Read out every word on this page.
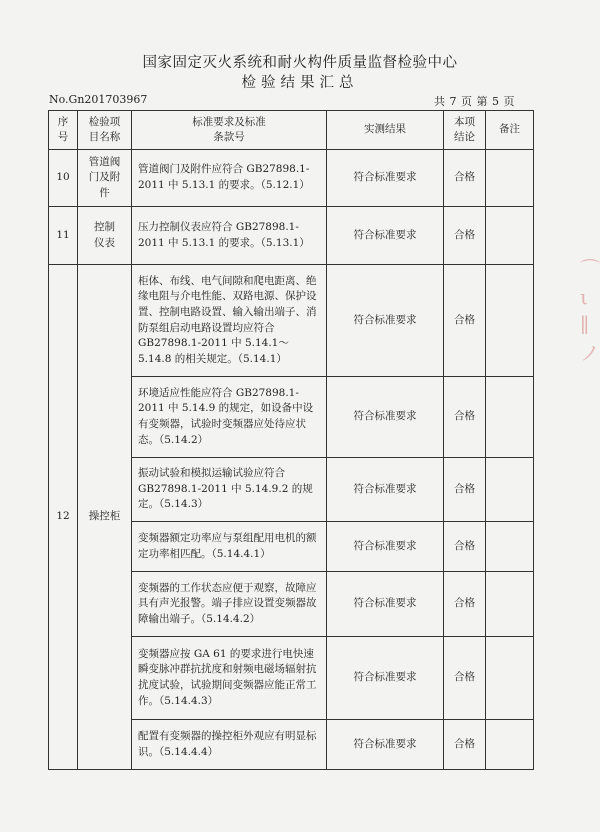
国家固定灭火系统和耐火构件质量监督检验中心
检验结果汇总
No.Gn201703967	共 7 页 第 5 页
⌒
ι
∥
ノ
序号	检验项目名称	标准要求及标准条款号	实测结果	本项结论	备注
10	管道阀门及附件	管道阀门及附件应符合 GB27898.1-2011 中 5.13.1 的要求。（5.12.1）	符合标准要求	合格	
11	控制仪表	压力控制仪表应符合 GB27898.1-2011 中 5.13.1 的要求。（5.13.1）	符合标准要求	合格	
12	操控柜	柜体、布线、电气间隙和爬电距离、绝缘电阻与介电性能、双路电源、保护设置、控制电路设置、输入输出端子、消防泵组启动电路设置均应符合 GB27898.1-2011 中 5.14.1～5.14.8 的相关规定。（5.14.1）	符合标准要求	合格	
		环境适应性能应符合 GB27898.1-2011 中 5.14.9 的规定，如设备中设有变频器，试验时变频器应处待应状态。（5.14.2）	符合标准要求	合格	
		振动试验和模拟运输试验应符合 GB27898.1-2011 中 5.14.9.2 的规定。（5.14.3）	符合标准要求	合格	
		变频器额定功率应与泵组配用电机的额定功率相匹配。（5.14.4.1）	符合标准要求	合格	
		变频器的工作状态应便于观察，故障应具有声光报警。端子排应设置变频器故障输出端子。（5.14.4.2）	符合标准要求	合格	
		变频器应按 GA 61 的要求进行电快速瞬变脉冲群抗扰度和射频电磁场辐射抗扰度试验，试验期间变频器应能正常工作。（5.14.4.3）	符合标准要求	合格	
		配置有变频器的操控柜外观应有明显标识。（5.14.4.4）	符合标准要求	合格	
